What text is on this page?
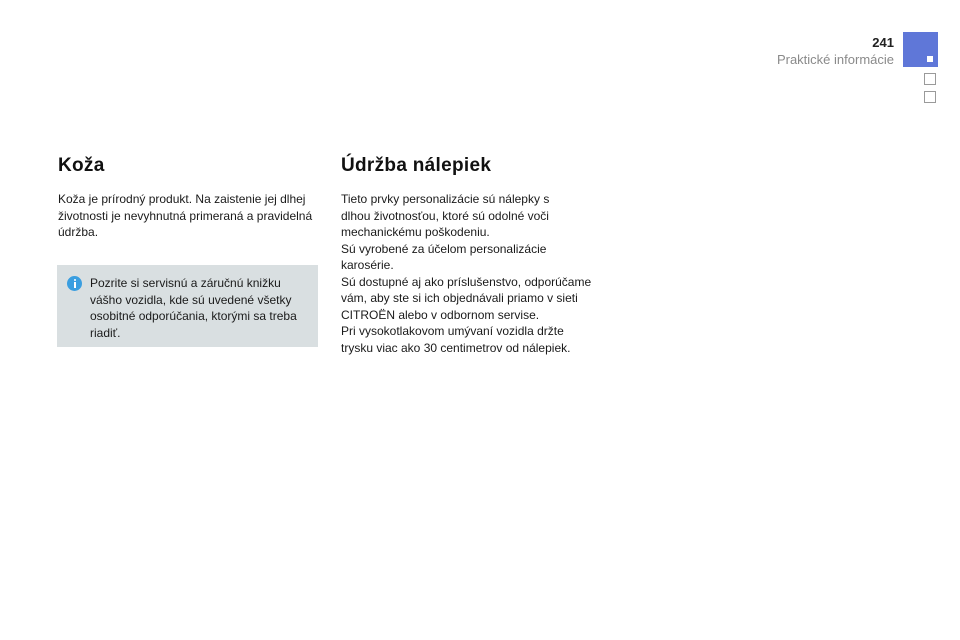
241
Praktické informácie
Koža

Koža je prírodný produkt. Na zaistenie jej dlhej životnosti je nevyhnutná primeraná a pravidelná údržba.

Pozrite si servisnú a záručnú knižku vášho vozidla, kde sú uvedené všetky osobitné odporúčania, ktorými sa treba riadiť.
Údržba nálepiek

Tieto prvky personalizácie sú nálepky s
dlhou životnosťou, ktoré sú odolné voči
mechanickému poškodeniu.
Sú vyrobené za účelom personalizácie
karosérie.
Sú dostupné aj ako príslušenstvo, odporúčame
vám, aby ste si ich objednávali priamo v sieti
CITROËN alebo v odbornom servise.
Pri vysokotlakovom umývaní vozidla držte
trysku viac ako 30 centimetrov od nálepiek.
